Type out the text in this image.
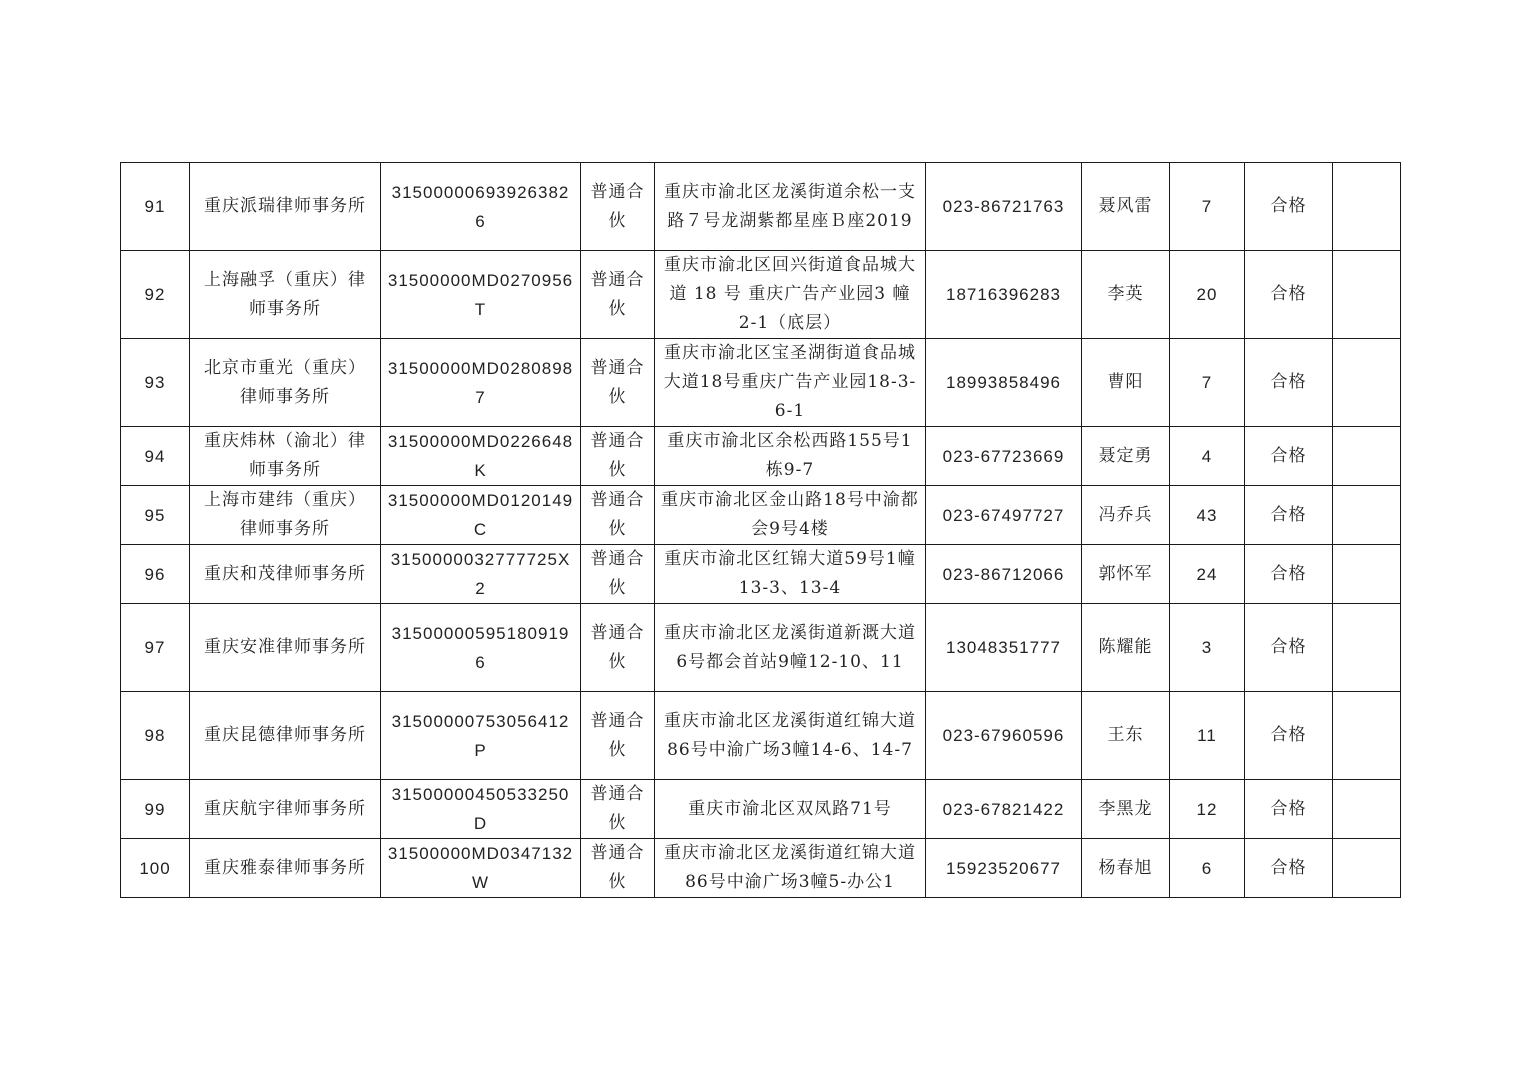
91	重庆派瑞律师事务所	31500000693926382​6	普通合伙	重庆市渝北区龙溪街道余松一支路７号龙湖紫都星座Ｂ座2019	023-86721763	聂风雷	7	合格	
92	上海融孚（重庆）律师事务所	31500000MD0270956T	普通合伙	重庆市渝北区回兴街道食品城大道 18 号 重庆广告产业园3 幢 2-1（底层）	18716396283	李英	20	合格	
93	北京市重光（重庆）律师事务所	31500000MD02808987	普通合伙	重庆市渝北区宝圣湖街道食品城大道18号重庆广告产业园18-3-6-1	18993858496	曹阳	7	合格	
94	重庆炜林（渝北）律师事务所	31500000MD0226648K	普通合伙	重庆市渝北区余松西路155号1栋9-7	023-67723669	聂定勇	4	合格	
95	上海市建纬（重庆）律师事务所	31500000MD0120149C	普通合伙	重庆市渝北区金山路18号中渝都会9号4楼	023-67497727	冯乔兵	43	合格	
96	重庆和茂律师事务所	3150000032777725X2	普通合伙	重庆市渝北区红锦大道59号1幢13-3、13-4	023-86712066	郭怀军	24	合格	
97	重庆安准律师事务所	315000005951809196	普通合伙	重庆市渝北区龙溪街道新溉大道6号都会首站9幢12-10、11	13048351777	陈耀能	3	合格	
98	重庆昆德律师事务所	3150000075305641​2P	普通合伙	重庆市渝北区龙溪街道红锦大道86号中渝广场3幢14-6、14-7	023-67960596	王东	11	合格	
99	重庆航宇律师事务所	31500000450533250D	普通合伙	重庆市渝北区双凤路71号	023-67821422	李黑龙	12	合格	
100	重庆雅泰律师事务所	31500000MD0347132W	普通合伙	重庆市渝北区龙溪街道红锦大道86号中渝广场3幢5-办公1	15923520677	杨春旭	6	合格	
